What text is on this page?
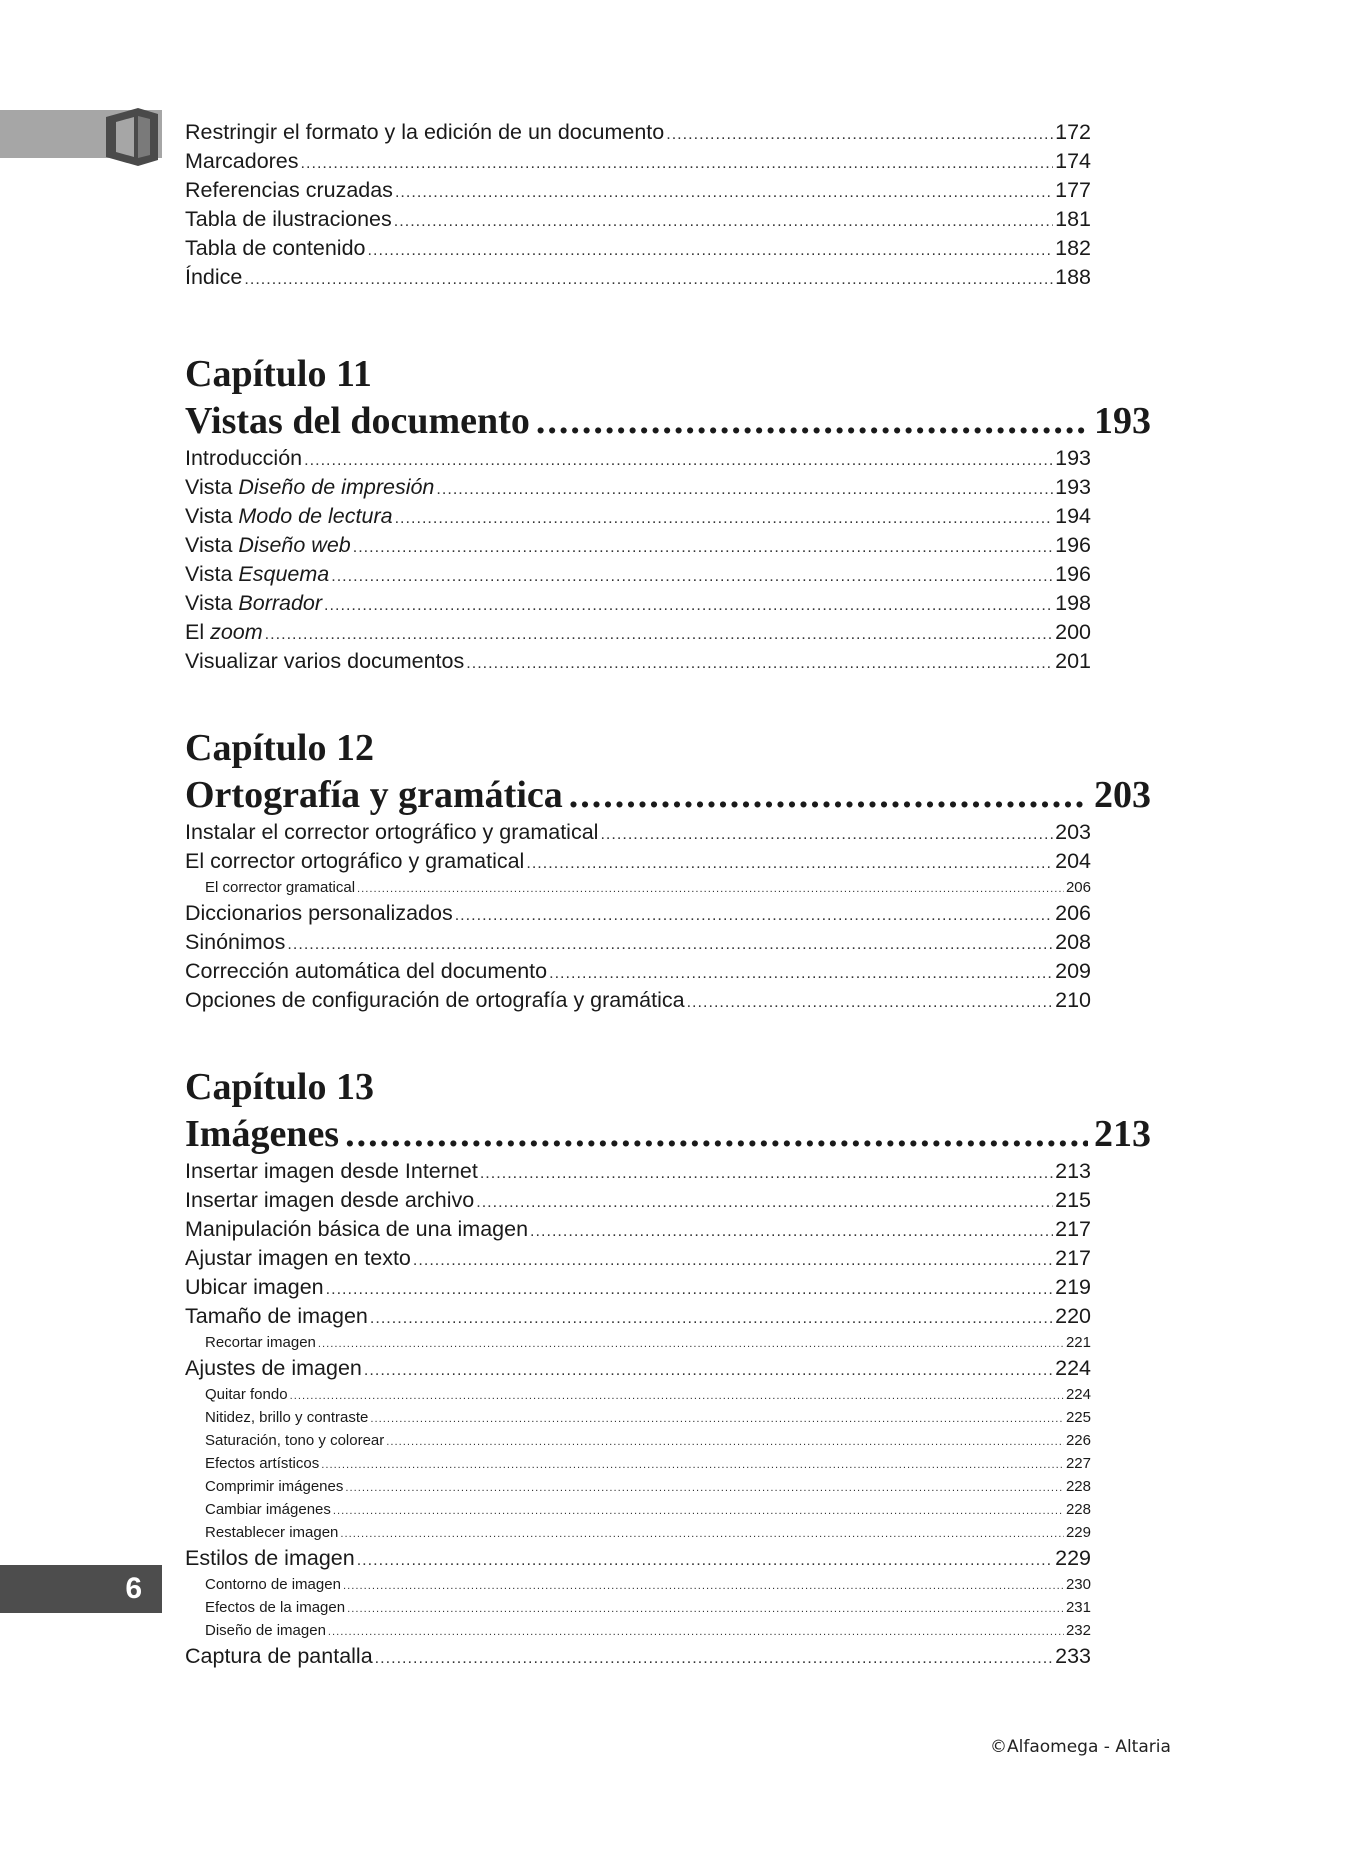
Restringir el formato y la edición de un documento .....	172
Marcadores .....	174
Referencias cruzadas .....	177
Tabla de ilustraciones .....	181
Tabla de contenido .....	182
Índice .....	188
Capítulo 11
Vistas del documento .....	193
Introducción .....	193
Vista Diseño de impresión .....	193
Vista Modo de lectura .....	194
Vista Diseño web .....	196
Vista Esquema .....	196
Vista Borrador .....	198
El zoom .....	200
Visualizar varios documentos .....	201
Capítulo 12
Ortografía y gramática .....	203
Instalar el corrector ortográfico y gramatical .....	203
El corrector ortográfico y gramatical .....	204
El corrector gramatical .....	206
Diccionarios personalizados .....	206
Sinónimos .....	208
Corrección automática del documento .....	209
Opciones de configuración de ortografía y gramática .....	210
Capítulo 13
Imágenes .....	213
Insertar imagen desde Internet .....	213
Insertar imagen desde archivo .....	215
Manipulación básica de una imagen .....	217
Ajustar imagen en texto .....	217
Ubicar imagen .....	219
Tamaño de imagen .....	220
Recortar imagen .....	221
Ajustes de imagen .....	224
Quitar fondo .....	224
Nitidez, brillo y contraste .....	225
Saturación, tono y colorear .....	226
Efectos artísticos .....	227
Comprimir imágenes .....	228
Cambiar imágenes .....	228
Restablecer imagen .....	229
Estilos de imagen .....	229
Contorno de imagen .....	230
Efectos de la imagen .....	231
Diseño de imagen .....	232
Captura de pantalla .....	233
6
©Alfaomega - Altaria
